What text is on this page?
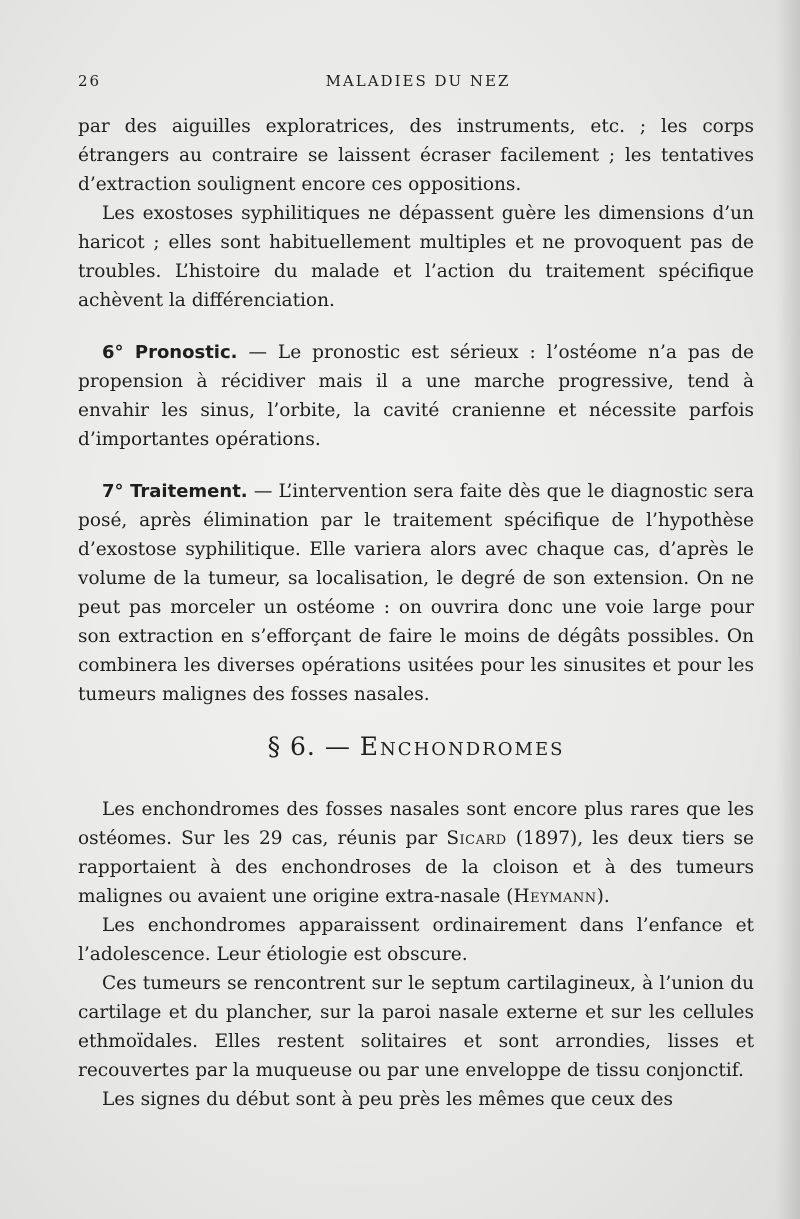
26	MALADIES DU NEZ

par des aiguilles exploratrices, des instruments, etc. ; les corps étrangers au contraire se laissent écraser facilement ; les tentatives d’extraction soulignent encore ces oppositions.

Les exostoses syphilitiques ne dépassent guère les dimensions d’un haricot ; elles sont habituellement multiples et ne provoquent pas de troubles. L’histoire du malade et l’action du traitement spécifique achèvent la différenciation.

6° Pronostic. — Le pronostic est sérieux : l’ostéome n’a pas de propension à récidiver mais il a une marche progressive, tend à envahir les sinus, l’orbite, la cavité cranienne et nécessite parfois d’importantes opérations.

7° Traitement. — L’intervention sera faite dès que le diagnostic sera posé, après élimination par le traitement spécifique de l’hypothèse d’exostose syphilitique. Elle variera alors avec chaque cas, d’après le volume de la tumeur, sa localisation, le degré de son extension. On ne peut pas morceler un ostéome : on ouvrira donc une voie large pour son extraction en s’efforçant de faire le moins de dégâts possibles. On combinera les diverses opérations usitées pour les sinusites et pour les tumeurs malignes des fosses nasales.

§ 6. — Enchondromes

Les enchondromes des fosses nasales sont encore plus rares que les ostéomes. Sur les 29 cas, réunis par Sicard (1897), les deux tiers se rapportaient à des enchondroses de la cloison et à des tumeurs malignes ou avaient une origine extra-nasale (Heymann).

Les enchondromes apparaissent ordinairement dans l’enfance et l’adolescence. Leur étiologie est obscure.

Ces tumeurs se rencontrent sur le septum cartilagineux, à l’union du cartilage et du plancher, sur la paroi nasale externe et sur les cellules ethmoïdales. Elles restent solitaires et sont arrondies, lisses et recouvertes par la muqueuse ou par une enveloppe de tissu conjonctif.

Les signes du début sont à peu près les mêmes que ceux des
